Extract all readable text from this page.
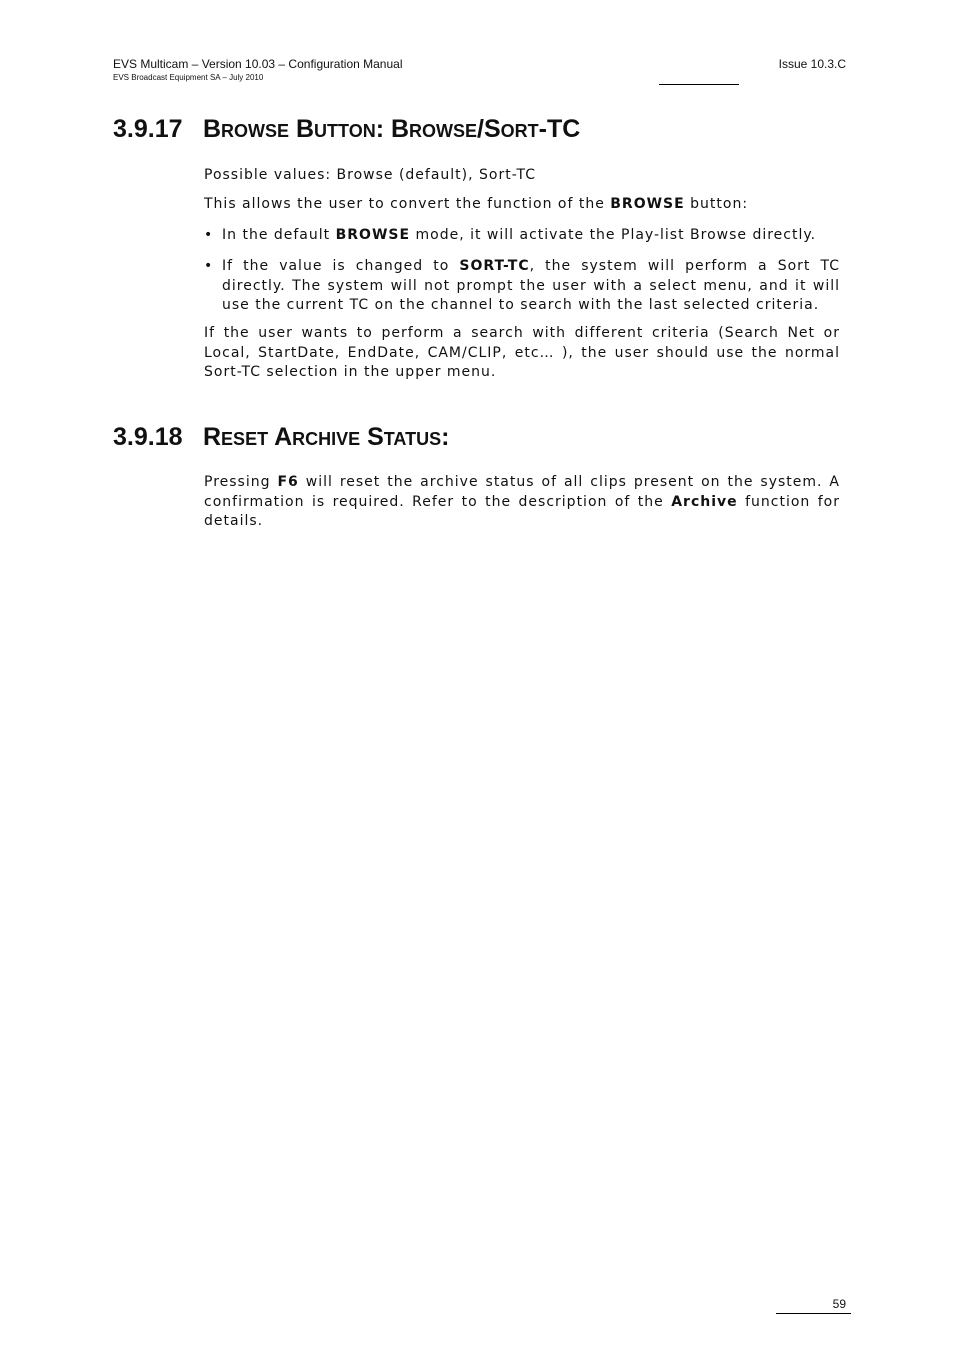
EVS Multicam – Version 10.03 – Configuration Manual
EVS Broadcast Equipment SA – July 2010
Issue 10.3.C
3.9.17 Browse Button: Browse/Sort-TC

Possible values: Browse (default), Sort-TC

This allows the user to convert the function of the BROWSE button:

• In the default BROWSE mode, it will activate the Play-list Browse directly.
• If the value is changed to SORT-TC, the system will perform a Sort TC directly. The system will not prompt the user with a select menu, and it will use the current TC on the channel to search with the last selected criteria.

If the user wants to perform a search with different criteria (Search Net or Local, StartDate, EndDate, CAM/CLIP, etc… ), the user should use the normal Sort-TC selection in the upper menu.

3.9.18 Reset Archive Status:

Pressing F6 will reset the archive status of all clips present on the system. A confirmation is required. Refer to the description of the Archive function for details.

59
